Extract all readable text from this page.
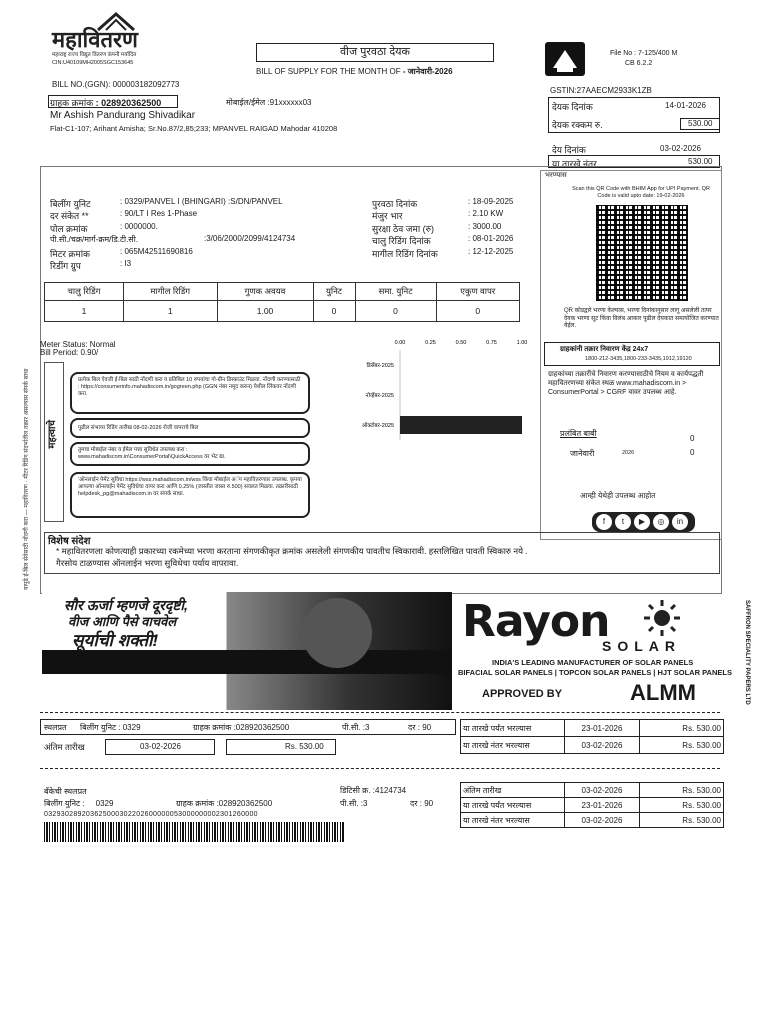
महावितरण
महाराष्ट्र राज्य विद्युत वितरण कंपनी मर्यादित
CIN:U40109MH2005SGC153645
वीज पुरवठा देयक
BILL OF SUPPLY FOR THE MONTH OF - जानेवारी-2026
File No : 7-125/400 M
CB 6.2.2
BILL NO.(GGN): 000003182092773
GSTIN:27AAECM2933K1ZB
ग्राहक क्रमांक : 028920362500	मोबाईल/ईमेल :91xxxxxx03
Mr Ashish Pandurang Shivadikar
Flat-C1-107; Arihant Amisha; Sr.No.87/2,85;233; MPANVEL RAIGAD Mahodar 410208
देयक दिनांक	14-01-2026
देयक रक्कम रु.	530.00
देय दिनांक	03-02-2026
या तारखे नंतर	530.00
यापुढे ई-बिल सेवेसाठी नोंदणी करा — महावितरण · मीटर रिडिंग संदर्भातील तक्रार असल्यास संपर्क साधा
बिलींग युनिट	: 0329/PANVEL I (BHINGARI) :S/DN/PANVEL
दर संकेत **	: 90/LT I Res 1-Phase
पोल क्रमांक	: 0000000.
पी.सी./चक्र/मार्ग-क्रम/डि.टी.सी.	:3/06/2000/2099/4124734
मिटर क्रमांक	: 065M42511690816
रिडींग ग्रुप	: I3
पुरवठा दिनांक	: 18-09-2025
मंजुर भार	: 2.10 KW
सुरक्षा ठेव जमा (रु)	: 3000.00
चालु रिडिंग दिनांक	: 08-01-2026
मागील रिडिंग दिनांक	: 12-12-2025
चालु रिडिंग	मागील रिडिंग	गुणक अवयव	युनिट	समा. युनिट	एकुण वापर
1	1	1.00	0	0	0
Meter Status: Normal
Bill Period: 0.90/
0.00	0.25	0.50	0.75	1.00
डिसेंबर-2025
नोव्हेंबर-2025
ऑक्टोबर-2025
महत्वाचे
प्रत्येक बिल ऐवजी ई-बिल साठी नोंदणी करा व प्रतिबिल 10 रुपयांचा गो-ग्रीन डिस्काउंट मिळवा. नोंदणी करण्यासाठी : https://consumerinfo.mahadiscom.in/gogreen.php (GGN नंबर नमूद करुन) येथील लिंकवर नोंदणी करा.
पुढील संभाव्य रिडिंग तारीख 08-02-2026 रोजी वापराचे बिल
तुमचा मोबाईल नंबर व ईमेल पत्ता सुविधेत उपलब्ध करा : www.mahadiscom.in\ConsumerPortal\QuickAccess वर भेट द्या.
'ऑनलाईन पेमेंट सुविधा https://wss.mahadiscom.in/wss किंवा मोबाईल अॅप महावितरणवर उपलब्ध. कृपया आपल्या ऑनलाईन पेमेंट सुविधेचा वापर करा आणि 0.25% (जास्तीत जास्त रु.500) सवलत मिळवा. तक्रारीसाठी helpdesk_pg@mahadiscom.in वर संपर्क साधा.
भरण्यास
Scan this QR Code with BHIM App for UPI Payment. QR Code is valid upto date: 19-02-2026
QR कोडद्वारे भरणा केल्यास, भरणा दिनांकानुसार लागू असलेली तत्पर देयक भरणा सूट किंवा विलंब आकार पुढील देयकात समायोजित करण्यात येईल.
ग्राहकांनी तक्रार निवारण केंद्र 24x7
1800-212-3435,1800-233-3435,1912,19120
ग्राहकांच्या तक्रारींचे निवारण करण्यासाठीचे नियम व कार्यपद्धती महावितरणच्या संकेत स्थळ www.mahadiscom.in > ConsumerPortal > CGRF वावर उपलब्ध आहे.
प्रलंबित बाबी
0
जानेवारी	2026	0
आम्ही येथेही उपलब्ध आहोत
f t ▶ ◎ in
विशेष संदेश
* महावितरणला कोणत्याही प्रकारच्या रकमेच्या भरणा करताना संगणकीकृत क्रमांक असलेली संगणकीय पावतीच स्विकारावी. हस्तलिखित पावती स्विकारु नये .
गैरसोय टाळण्यास ऑनलाईन भरणा सुविधेचा पर्याय वापरावा.
सौर ऊर्जा म्हणजे दूरदृष्टी,
वीज आणि पैसे वाचवेल
सूर्याची शक्ती!	Rayon
SOLAR
INDIA'S LEADING MANUFACTURER OF SOLAR PANELS
BIFACIAL SOLAR PANELS | TOPCON SOLAR PANELS | HJT SOLAR PANELS
APPROVED BY	ALMM	SAFFRON SPECIALITY PAPERS LTD
स्थलप्रत बिलींग युनिट : 0329	ग्राहक क्रमांक :028920362500	पी.सी. :3	दर : 90
अंतिम तारीख	03-02-2026	Rs. 530.00
या तारखे पर्यंत भरल्यास	23-01-2026	Rs. 530.00
या तारखे नंतर भरल्यास	03-02-2026	Rs. 530.00
बँकेची स्थलप्रत
बिलींग युनिट : 0329	ग्राहक क्रमांक :028920362500
डिटिसी क्र. :4124734
पी.सी. :3	दर : 90
032930289203625000302202600000053000000002301260000
अंतिम तारीख	03-02-2026	Rs. 530.00
या तारखे पर्यंत भरल्यास	23-01-2026	Rs. 530.00
या तारखे नंतर भरल्यास	03-02-2026	Rs. 530.00
